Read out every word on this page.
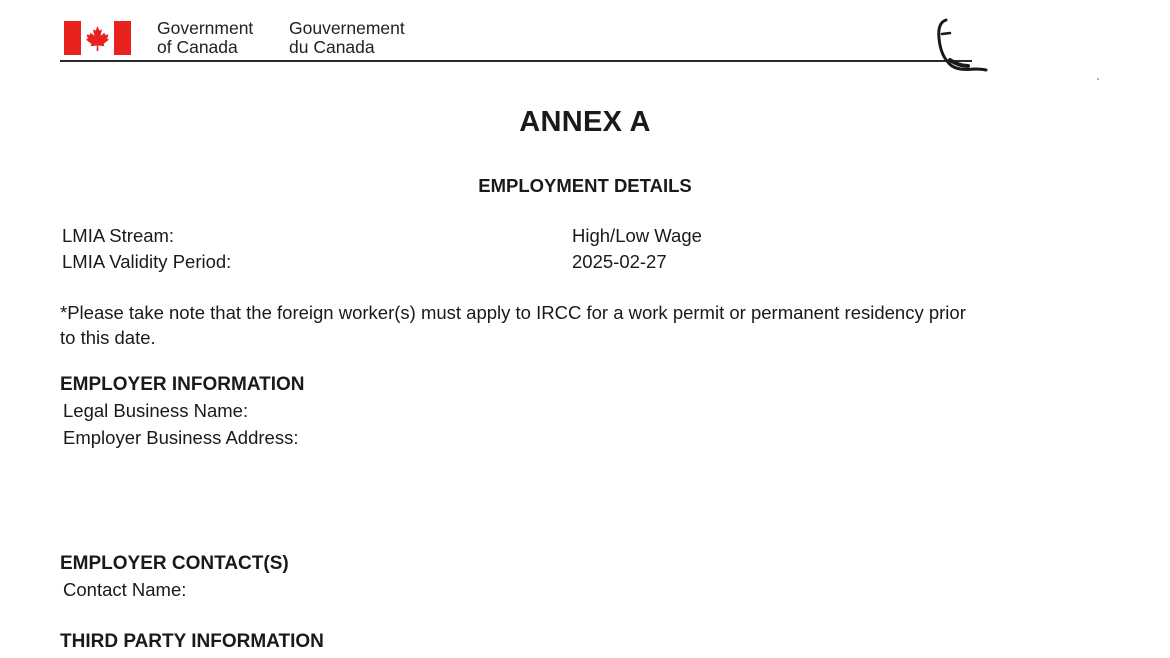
Government
of Canada
Gouvernement
du Canada
ANNEX A
EMPLOYMENT DETAILS
LMIA Stream:	High/Low Wage
LMIA Validity Period:	2025-02-27
*Please take note that the foreign worker(s) must apply to IRCC for a work permit or permanent residency prior
to this date.
EMPLOYER INFORMATION
Legal Business Name:
Employer Business Address:
EMPLOYER CONTACT(S)
Contact Name:
THIRD PARTY INFORMATION
